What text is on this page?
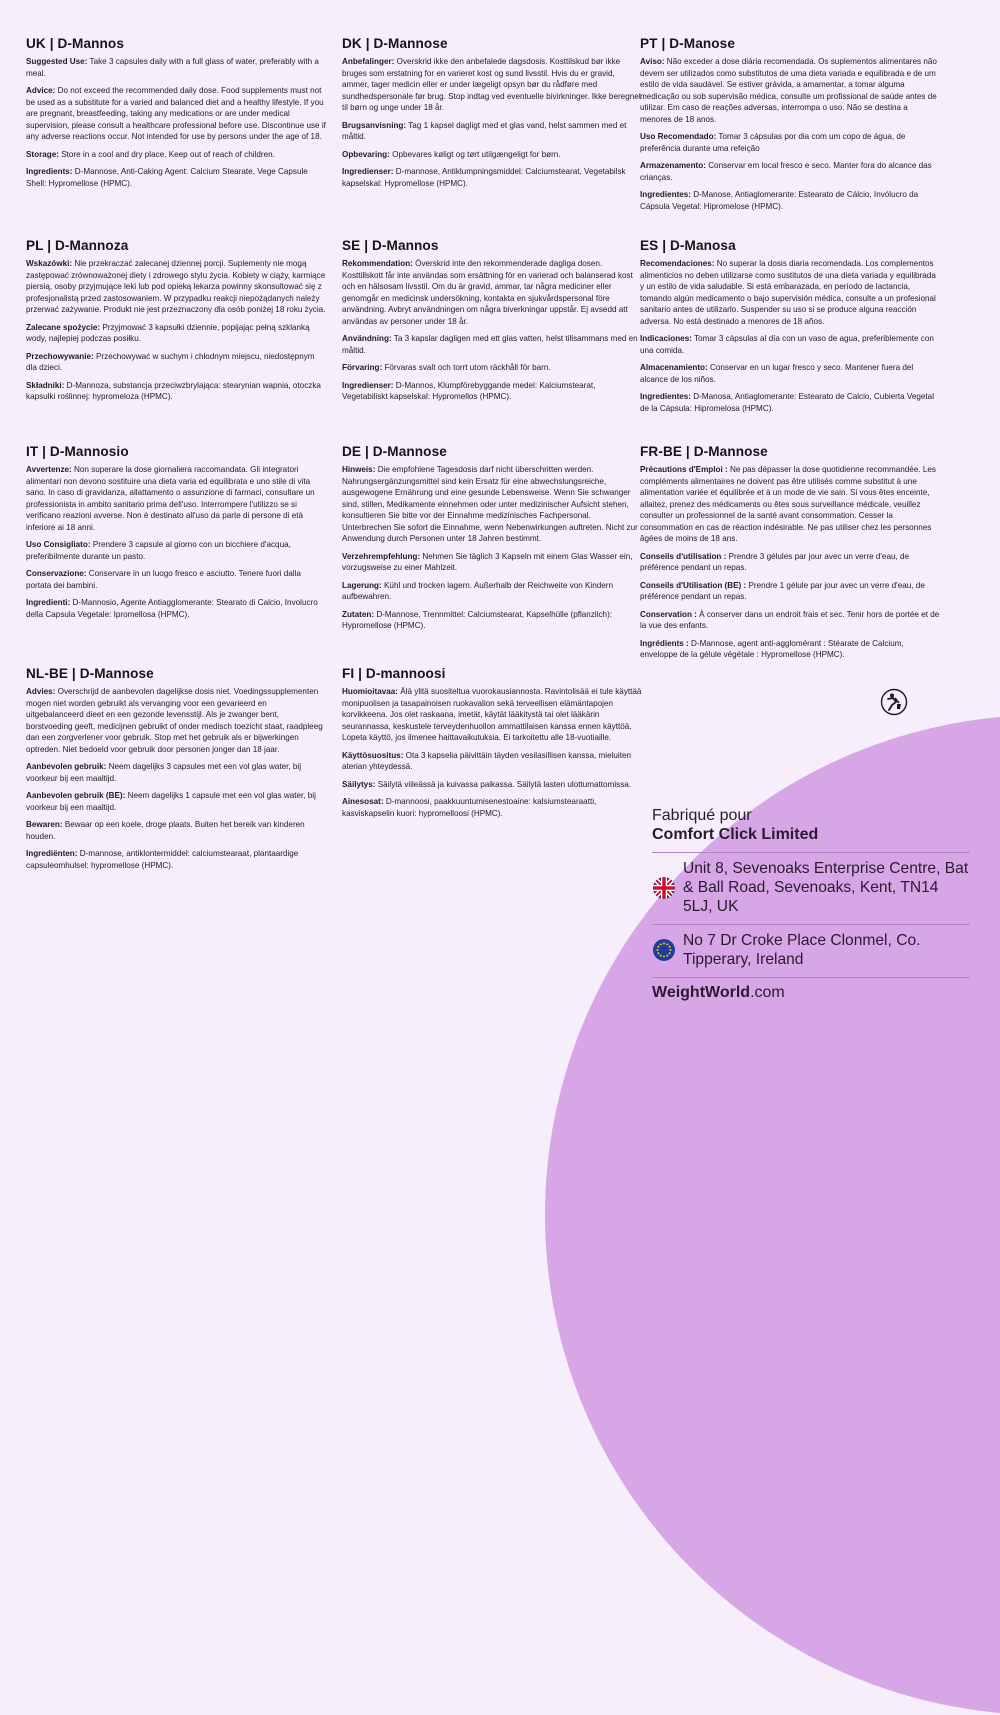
UK | D-Mannos

Suggested Use: Take 3 capsules daily with a full glass of water, preferably with a meal.

Advice: Do not exceed the recommended daily dose. Food supplements must not be used as a substitute for a varied and balanced diet and a healthy lifestyle. If you are pregnant, breastfeeding, taking any medications or are under medical supervision, please consult a healthcare professional before use. Discontinue use if any adverse reactions occur. Not intended for use by persons under the age of 18.

Storage: Store in a cool and dry place. Keep out of reach of children.

Ingredients: D-Mannose, Anti-Caking Agent: Calcium Stearate, Vege Capsule Shell: Hypromellose (HPMC).

PL | D-Mannoza

Wskazówki: Nie przekraczać zalecanej dziennej porcji. Suplementy nie mogą zastępować zrównoważonej diety i zdrowego stylu życia. Kobiety w ciąży, karmiące piersią, osoby przyjmujące leki lub pod opieką lekarza powinny skonsultować się z profesjonalistą przed zastosowaniem. W przypadku reakcji niepożądanych należy przerwać zażywanie. Produkt nie jest przeznaczony dla osób poniżej 18 roku życia.

Zalecane spożycie: Przyjmować 3 kapsułki dziennie, popijając pełną szklanką wody, najlepiej podczas posiłku.

Przechowywanie: Przechowywać w suchym i chłodnym miejscu, niedostępnym dla dzieci.

Składniki: D-Mannoza, substancja przeciwzbrylająca: stearynian wapnia, otoczka kapsułki roślinnej: hypromeloza (HPMC).

IT | D-Mannosio

Avvertenze: Non superare la dose giornaliera raccomandata. Gli integratori alimentari non devono sostituire una dieta varia ed equilibrata e uno stile di vita sano. In caso di gravidanza, allattamento o assunzione di farmaci, consultare un professionista in ambito sanitario prima dell'uso. Interrompere l'utilizzo se si verificano reazioni avverse. Non è destinato all'uso da parte di persone di età inferiore ai 18 anni.

Uso Consigliato: Prendere 3 capsule al giorno con un bicchiere d'acqua, preferibilmente durante un pasto.

Conservazione: Conservare in un luogo fresco e asciutto. Tenere fuori dalla portata dei bambini.

Ingredienti: D-Mannosio, Agente Antiagglomerante: Stearato di Calcio, Involucro della Capsula Vegetale: Ipromellosa (HPMC).

NL-BE | D-Mannose

Advies: Overschrijd de aanbevolen dagelijkse dosis niet. Voedingssupplementen mogen niet worden gebruikt als vervanging voor een gevarieerd en uitgebalanceerd dieet en een gezonde levensstijl. Als je zwanger bent, borstvoeding geeft, medicijnen gebruikt of onder medisch toezicht staat, raadpleeg dan een zorgverlener voor gebruik. Stop met het gebruik als er bijwerkingen optreden. Niet bedoeld voor gebruik door personen jonger dan 18 jaar.

Aanbevolen gebruik: Neem dagelijks 3 capsules met een vol glas water, bij voorkeur bij een maaltijd.

Aanbevolen gebruik (BE): Neem dagelijks 1 capsule met een vol glas water, bij voorkeur bij een maaltijd.

Bewaren: Bewaar op een koele, droge plaats. Buiten het bereik van kinderen houden.

Ingrediënten: D-mannose, antiklontermiddel: calciumstearaat, plantaardige capsuleomhulsel: hypromellose (HPMC).

DK | D-Mannose

Anbefalinger: Overskrid ikke den anbefalede dagsdosis. Kosttilskud bør ikke bruges som erstatning for en varieret kost og sund livsstil. Hvis du er gravid, ammer, tager medicin eller er under lægeligt opsyn bør du rådføre med sundhedspersonale før brug. Stop indtag ved eventuelle bivirkninger. Ikke beregnet til børn og unge under 18 år.

Brugsanvisning: Tag 1 kapsel dagligt med et glas vand, helst sammen med et måltid.

Opbevaring: Opbevares køligt og tørt utilgængeligt for børn.

Ingredienser: D-mannose, Antiklumpningsmiddel: Calciumstearat, Vegetabilsk kapselskal: Hypromellose (HPMC).

SE | D-Mannos

Rekommendation: Överskrid inte den rekommenderade dagliga dosen. Kosttillskott får inte användas som ersättning för en varierad och balanserad kost och en hälsosam livsstil. Om du är gravid, ammar, tar några mediciner eller genomgår en medicinsk undersökning, kontakta en sjukvårdspersonal före användning. Avbryt användningen om några biverkningar uppstår. Ej avsedd att användas av personer under 18 år.

Användning: Ta 3 kapslar dagligen med ett glas vatten, helst tillsammans med en måltid.

Förvaring: Förvaras svalt och torrt utom räckhåll för barn.

Ingredienser: D-Mannos, Klumpförebyggande medel: Kalciumstearat, Vegetabiliskt kapselskal: Hypromellos (HPMC).

DE | D-Mannose

Hinweis: Die empfohlene Tagesdosis darf nicht überschritten werden. Nahrungsergänzungsmittel sind kein Ersatz für eine abwechslungsreiche, ausgewogene Ernährung und eine gesunde Lebensweise. Wenn Sie schwanger sind, stillen, Medikamente einnehmen oder unter medizinischer Aufsicht stehen, konsultieren Sie bitte vor der Einnahme medizinisches Fachpersonal. Unterbrechen Sie sofort die Einnahme, wenn Nebenwirkungen auftreten. Nicht zur Anwendung durch Personen unter 18 Jahren bestimmt.

Verzehrempfehlung: Nehmen Sie täglich 3 Kapseln mit einem Glas Wasser ein, vorzugsweise zu einer Mahlzeit.

Lagerung: Kühl und trocken lagern. Außerhalb der Reichweite von Kindern aufbewahren.

Zutaten: D-Mannose, Trennmittel: Calciumstearat, Kapselhülle (pflanzlich): Hypromellose (HPMC).

FI | D-mannoosi

Huomioitavaa: Älä ylitä suositeltua vuorokausiannosta. Ravintolisää ei tule käyttää monipuolisen ja tasapainoisen ruokavalion sekä terveellisen elämäntapojen korvikkeena. Jos olet raskaana, imetät, käytät lääkitystä tai olet lääkärin seurannassa, keskustele terveydenhuollon ammattilaisen kanssa ennen käyttöä. Lopeta käyttö, jos ilmenee haittavaikutuksia. Ei tarkoitettu alle 18-vuotiaille.

Käyttösuositus: Ota 3 kapselia päivittäin täyden vesilasillisen kanssa, mieluiten aterian yhteydessä.

Säilytys: Säilytä viileässä ja kuivassa paikassa. Säilytä lasten ulottumattomissa.

Ainesosat: D-mannoosi, paakkuuntumisenestoaine: kalsiumstearaatti, kasviskapselin kuori: hypromelloosi (HPMC).

PT | D-Manose

Aviso: Não exceder a dose diária recomendada. Os suplementos alimentares não devem ser utilizados como substitutos de uma dieta variada e equilibrada e de um estilo de vida saudável. Se estiver grávida, a amamentar, a tomar alguma medicação ou sob supervisão médica, consulte um profissional de saúde antes de utilizar. Em caso de reações adversas, interrompa o uso. Não se destina a menores de 18 anos.

Uso Recomendado: Tomar 3 cápsulas por dia com um copo de água, de preferência durante uma refeição

Armazenamento: Conservar em local fresco e seco. Manter fora do alcance das crianças.

Ingredientes: D-Manose, Antiaglomerante: Estearato de Cálcio, Invólucro da Cápsula Vegetal: Hipromelose (HPMC).

ES | D-Manosa

Recomendaciones: No superar la dosis diaria recomendada. Los complementos alimenticios no deben utilizarse como sustitutos de una dieta variada y equilibrada y un estilo de vida saludable. Si está embarazada, en período de lactancia, tomando algún medicamento o bajo supervisión médica, consulte a un profesional sanitario antes de utilizarlo. Suspender su uso si se produce alguna reacción adversa. No está destinado a menores de 18 años.

Indicaciones: Tomar 3 cápsulas al día con un vaso de agua, preferiblemente con una comida.

Almacenamiento: Conservar en un lugar fresco y seco. Mantener fuera del alcance de los niños.

Ingredientes: D-Manosa, Antiaglomerante: Estearato de Calcio, Cubierta Vegetal de la Cápsula: Hipromelosa (HPMC).

FR-BE | D-Mannose

Précautions d'Emploi : Ne pas dépasser la dose quotidienne recommandée. Les compléments alimentaires ne doivent pas être utilisés comme substitut à une alimentation variée et équilibrée et à un mode de vie sain. Si vous êtes enceinte, allaitez, prenez des médicaments ou êtes sous surveillance médicale, veuillez consulter un professionnel de la santé avant consommation. Cesser la consommation en cas de réaction indésirable. Ne pas utiliser chez les personnes âgées de moins de 18 ans.

Conseils d'utilisation : Prendre 3 gélules par jour avec un verre d'eau, de préférence pendant un repas.

Conseils d'Utilisation (BE) : Prendre 1 gélule par jour avec un verre d'eau, de préférence pendant un repas.

Conservation : À conserver dans un endroit frais et sec. Tenir hors de portée et de la vue des enfants.

Ingrédients : D-Mannose, agent anti-agglomérant : Stéarate de Calcium, enveloppe de la gélule végétale : Hypromellose (HPMC).

Fabriqué pour
Comfort Click Limited
Unit 8, Sevenoaks Enterprise Centre, Bat & Ball Road, Sevenoaks, Kent, TN14 5LJ, UK
No 7 Dr Croke Place Clonmel, Co. Tipperary, Ireland
WeightWorld.com
